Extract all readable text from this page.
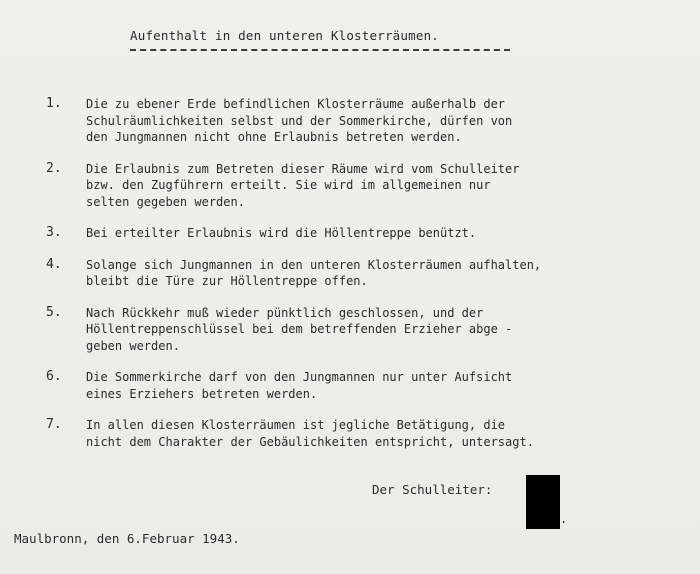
Aufenthalt in den unteren Klosterräumen.
1. Die zu ebener Erde befindlichen Klosterräume außerhalb der
Schulräumlichkeiten selbst und der Sommerkirche, dürfen von
den Jungmannen nicht ohne Erlaubnis betreten werden.
2. Die Erlaubnis zum Betreten dieser Räume wird vom Schulleiter
bzw. den Zugführern erteilt. Sie wird im allgemeinen nur
selten gegeben werden.
3. Bei erteilter Erlaubnis wird die Höllentreppe benützt.
4. Solange sich Jungmannen in den unteren Klosterräumen aufhalten,
bleibt die Türe zur Höllentreppe offen.
5. Nach Rückkehr muß wieder pünktlich geschlossen, und der
Höllentreppenschlüssel bei dem betreffenden Erzieher abge -
geben werden.
6. Die Sommerkirche darf von den Jungmannen nur unter Aufsicht
eines Erziehers betreten werden.
7. In allen diesen Klosterräumen ist jegliche Betätigung, die
nicht dem Charakter der Gebäulichkeiten entspricht, untersagt.
Der Schulleiter:
.
Maulbronn, den 6.Februar 1943.
